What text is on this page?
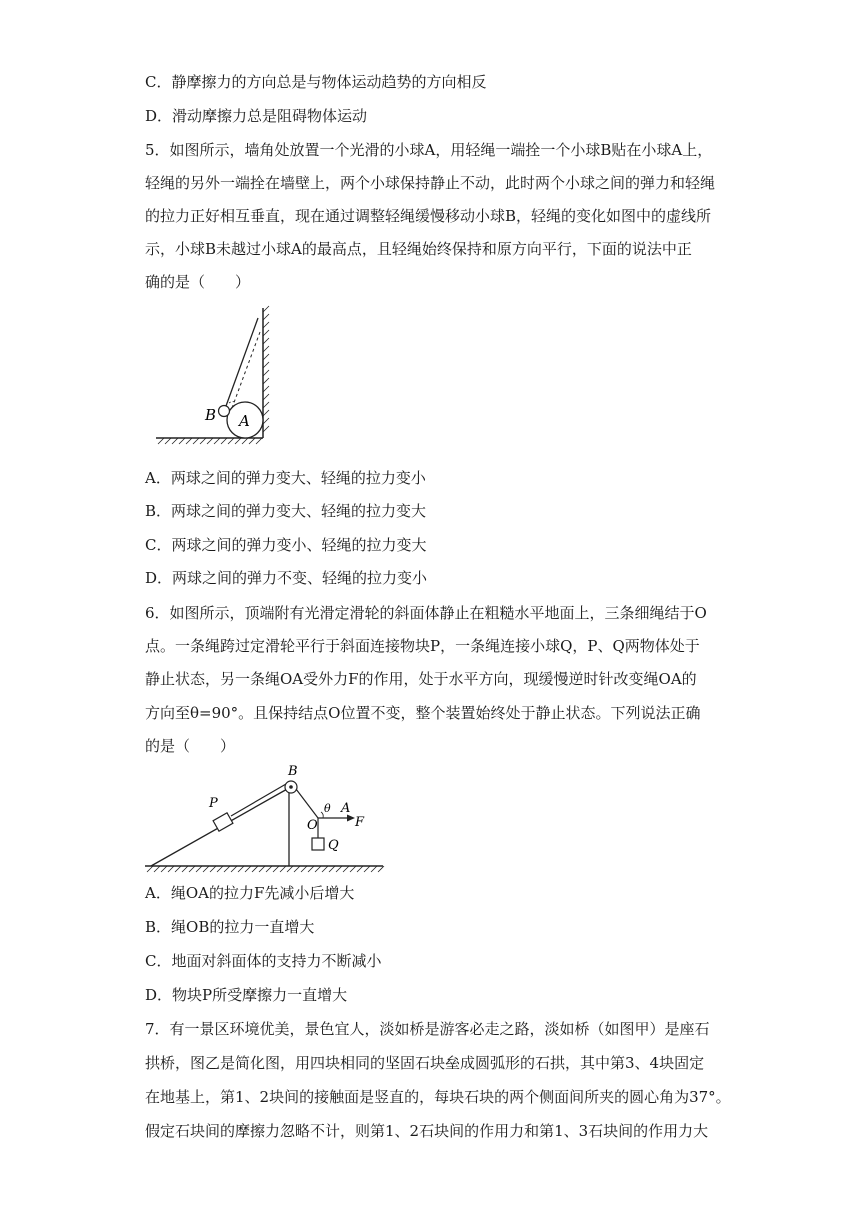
C．静摩擦力的方向总是与物体运动趋势的方向相反
D．滑动摩擦力总是阻碍物体运动
5．如图所示，墙角处放置一个光滑的小球A，用轻绳一端拴一个小球B贴在小球A上，
轻绳的另外一端拴在墙壁上，两个小球保持静止不动，此时两个小球之间的弹力和轻绳
的拉力正好相互垂直，现在通过调整轻绳缓慢移动小球B，轻绳的变化如图中的虚线所
示，小球B未越过小球A的最高点，且轻绳始终保持和原方向平行，下面的说法中正
确的是（　　）
B A
A．两球之间的弹力变大、轻绳的拉力变小
B．两球之间的弹力变大、轻绳的拉力变大
C．两球之间的弹力变小、轻绳的拉力变大
D．两球之间的弹力不变、轻绳的拉力变小
6．如图所示，顶端附有光滑定滑轮的斜面体静止在粗糙水平地面上，三条细绳结于O
点。一条绳跨过定滑轮平行于斜面连接物块P，一条绳连接小球Q，P、Q两物体处于
静止状态，另一条绳OA受外力F的作用，处于水平方向，现缓慢逆时针改变绳OA的
方向至θ=90°。且保持结点O位置不变，整个装置始终处于静止状态。下列说法正确
的是（　　）
B
P
O
θ A
F
Q
A．绳OA的拉力F先减小后增大
B．绳OB的拉力一直增大
C．地面对斜面体的支持力不断减小
D．物块P所受摩擦力一直增大
7．有一景区环境优美，景色宜人，淡如桥是游客必走之路，淡如桥（如图甲）是座石
拱桥，图乙是简化图，用四块相同的坚固石块垒成圆弧形的石拱，其中第3、4块固定
在地基上，第1、2块间的接触面是竖直的，每块石块的两个侧面间所夹的圆心角为37°。
假定石块间的摩擦力忽略不计，则第1、2石块间的作用力和第1、3石块间的作用力大
